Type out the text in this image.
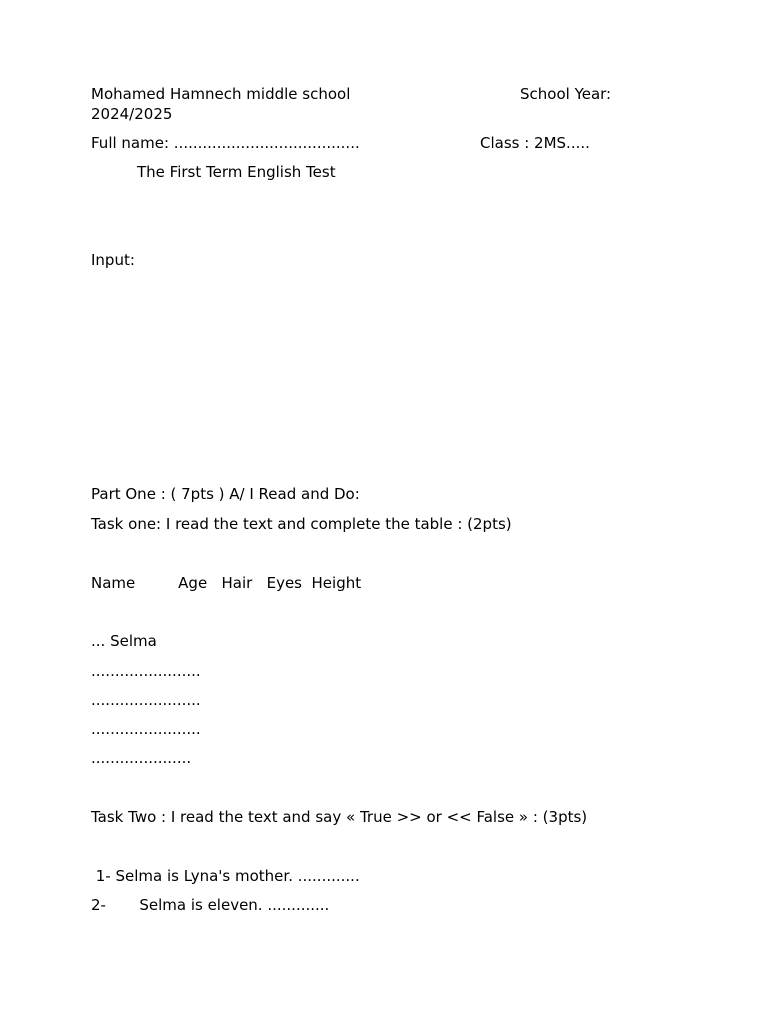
Mohamed Hamnech middle school	School Year:
2024/2025
Full name: .......................................	Class : 2MS.....
The First Term English Test
Input:
Part One : ( 7pts ) A/ I Read and Do:
Task one: I read the text and complete the table : (2pts)
Name         Age   Hair   Eyes  Height
... Selma
.......................
.......................
.......................
.....................
Task Two : I read the text and say « True >> or << False » : (3pts)
1- Selma is Lyna's mother. .............
2-       Selma is eleven. .............
